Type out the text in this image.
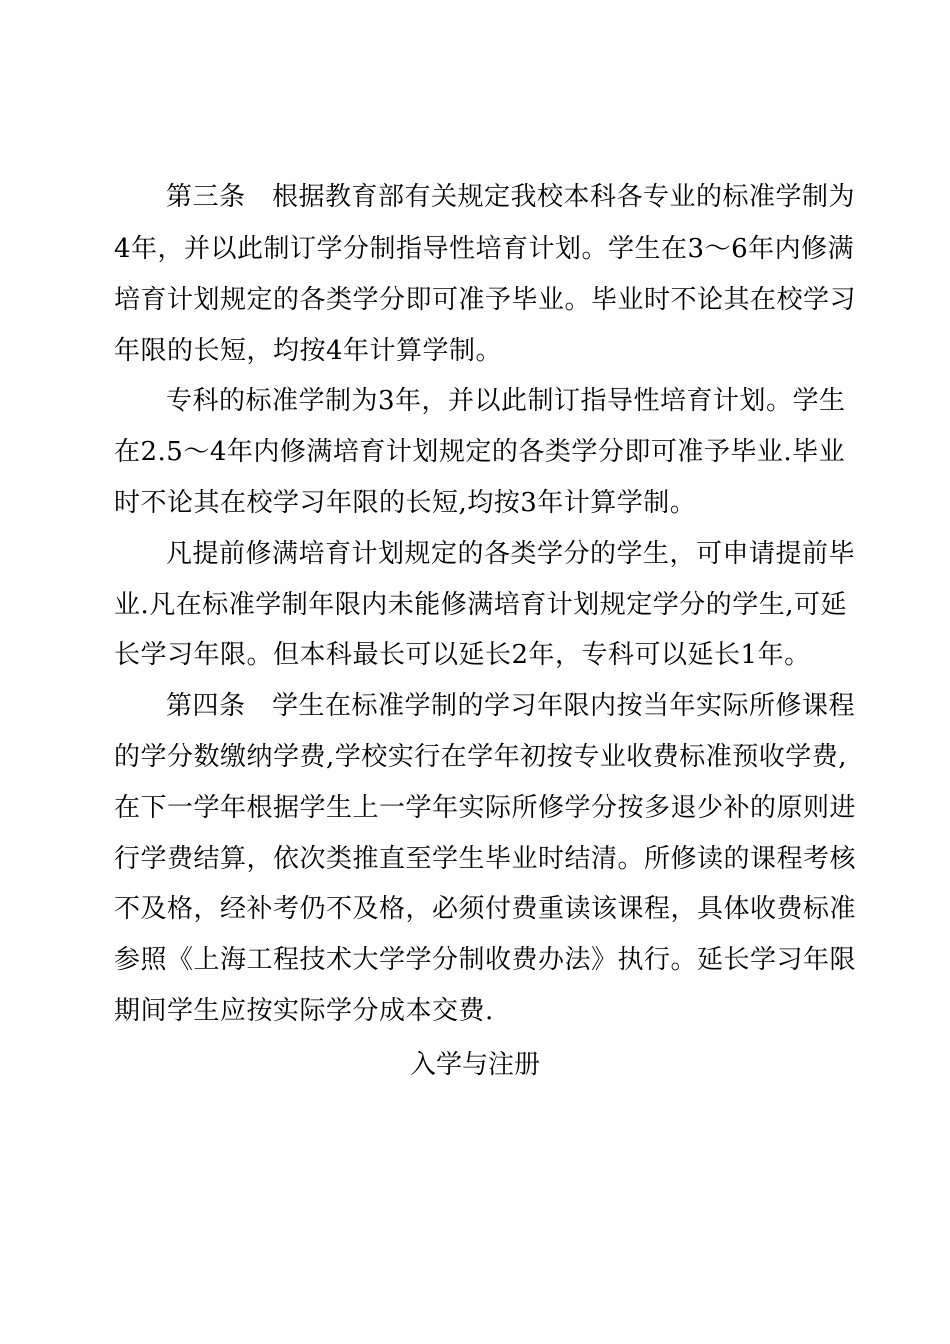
第三条　根据教育部有关规定我校本科各专业的标准学制为

4年，并以此制订学分制指导性培育计划。学生在3～6年内修满

培育计划规定的各类学分即可准予毕业。毕业时不论其在校学习

年限的长短，均按4年计算学制。

专科的标准学制为3年，并以此制订指导性培育计划。学生

在2.5～4年内修满培育计划规定的各类学分即可准予毕业.毕业

时不论其在校学习年限的长短,均按3年计算学制。

凡提前修满培育计划规定的各类学分的学生，可申请提前毕

业.凡在标准学制年限内未能修满培育计划规定学分的学生,可延

长学习年限。但本科最长可以延长2年，专科可以延长1年。

第四条　学生在标准学制的学习年限内按当年实际所修课程

的学分数缴纳学费,学校实行在学年初按专业收费标准预收学费,

在下一学年根据学生上一学年实际所修学分按多退少补的原则进

行学费结算，依次类推直至学生毕业时结清。所修读的课程考核

不及格，经补考仍不及格，必须付费重读该课程，具体收费标准

参照《上海工程技术大学学分制收费办法》执行。延长学习年限

期间学生应按实际学分成本交费.

入学与注册
